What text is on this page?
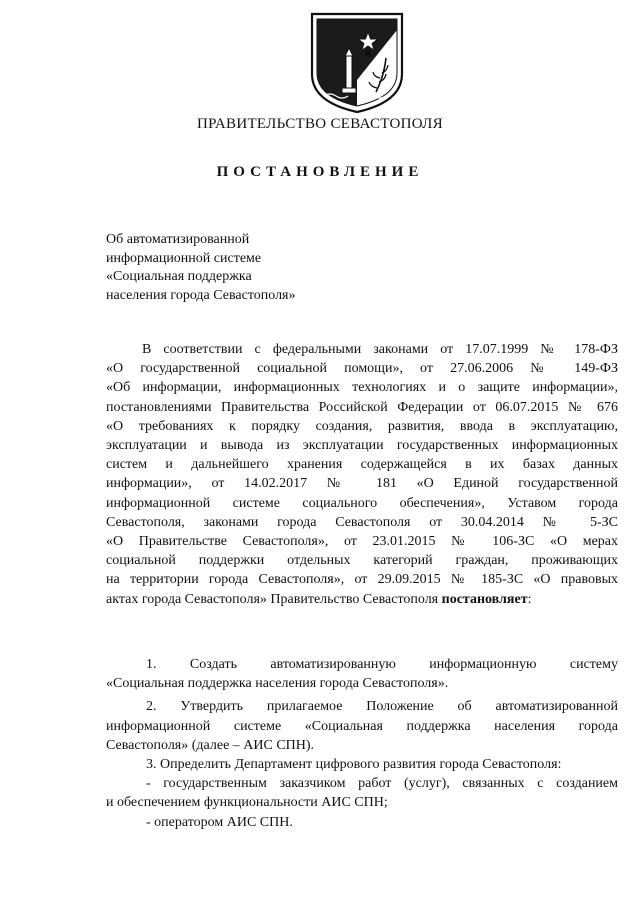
ПРАВИТЕЛЬСТВО СЕВАСТОПОЛЯ
ПОСТАНОВЛЕНИЕ
Об автоматизированной
информационной системе
«Социальная поддержка
населения города Севастополя»
В соответствии с федеральными законами от 17.07.1999 № 178-ФЗ
«О государственной социальной помощи», от 27.06.2006 № 149-ФЗ
«Об информации, информационных технологиях и о защите информации»,
постановлениями Правительства Российской Федерации от 06.07.2015 № 676
«О требованиях к порядку создания, развития, ввода в эксплуатацию,
эксплуатации и вывода из эксплуатации государственных информационных
систем и дальнейшего хранения содержащейся в их базах данных
информации», от 14.02.2017 № 181 «О Единой государственной
информационной системе социального обеспечения», Уставом города
Севастополя, законами города Севастополя от 30.04.2014 № 5-ЗС
«О Правительстве Севастополя», от 23.01.2015 № 106-ЗС «О мерах
социальной поддержки отдельных категорий граждан, проживающих
на территории города Севастополя», от 29.09.2015 № 185-ЗС «О правовых
актах города Севастополя» Правительство Севастополя постановляет:
1. Создать автоматизированную информационную систему
«Социальная поддержка населения города Севастополя».
2. Утвердить прилагаемое Положение об автоматизированной
информационной системе «Социальная поддержка населения города
Севастополя» (далее – АИС СПН).
3. Определить Департамент цифрового развития города Севастополя:
- государственным заказчиком работ (услуг), связанных с созданием
и обеспечением функциональности АИС СПН;
- оператором АИС СПН.
